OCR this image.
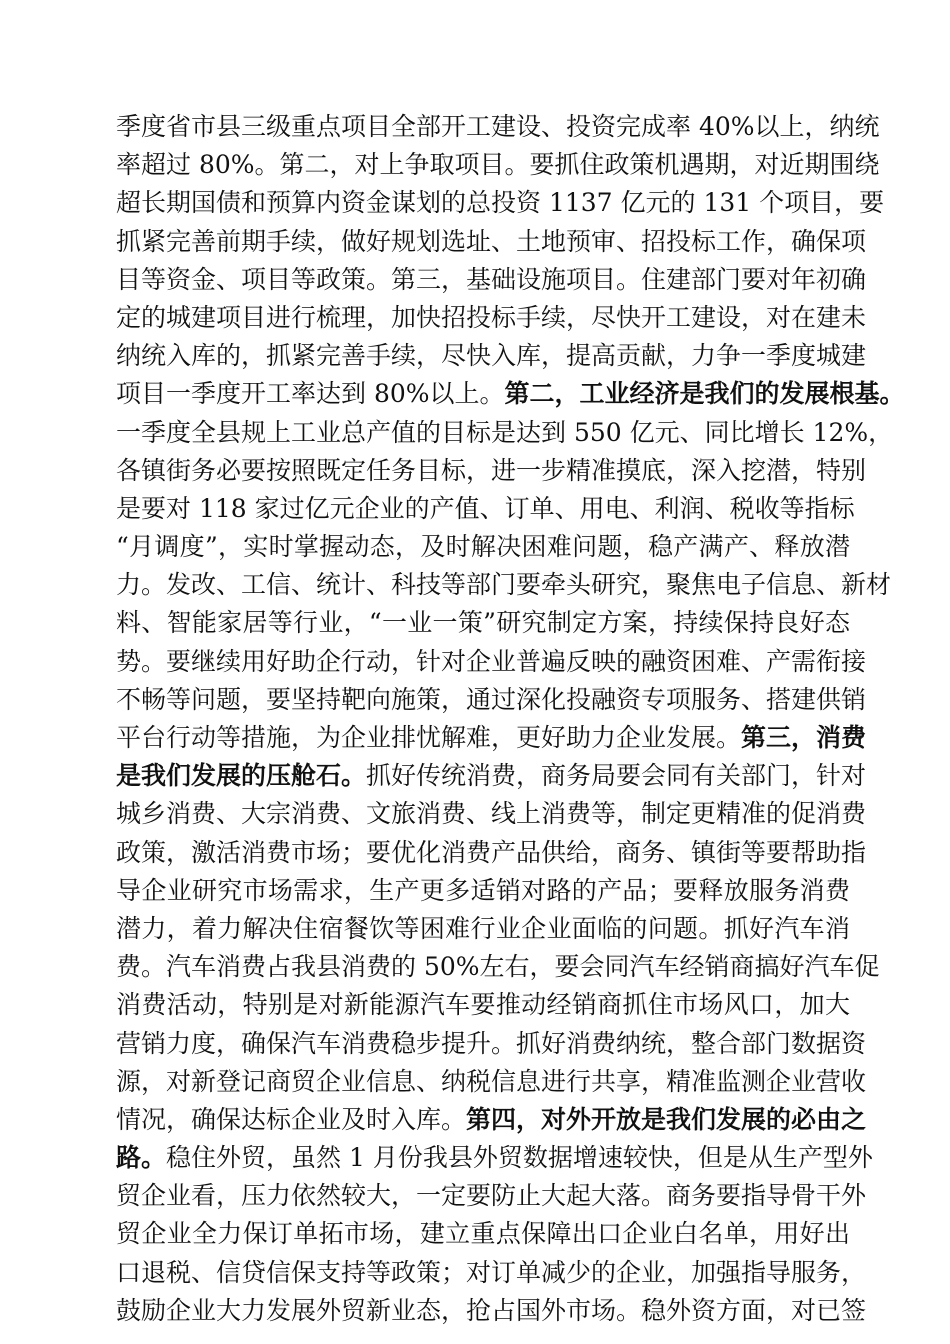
季度省市县三级重点项目全部开工建设、投资完成率 40%以上，纳统
率超过 80%。第二，对上争取项目。要抓住政策机遇期，对近期围绕
超长期国债和预算内资金谋划的总投资 1137 亿元的 131 个项目，要
抓紧完善前期手续，做好规划选址、土地预审、招投标工作，确保项
目等资金、项目等政策。第三，基础设施项目。住建部门要对年初确
定的城建项目进行梳理，加快招投标手续，尽快开工建设，对在建未
纳统入库的，抓紧完善手续，尽快入库，提高贡献，力争一季度城建
项目一季度开工率达到 80%以上。第二，工业经济是我们的发展根基。
一季度全县规上工业总产值的目标是达到 550 亿元、同比增长 12%，
各镇街务必要按照既定任务目标，进一步精准摸底，深入挖潜，特别
是要对 118 家过亿元企业的产值、订单、用电、利润、税收等指标
“月调度”，实时掌握动态，及时解决困难问题，稳产满产、释放潜
力。发改、工信、统计、科技等部门要牵头研究，聚焦电子信息、新材
料、智能家居等行业，“一业一策”研究制定方案，持续保持良好态
势。要继续用好助企行动，针对企业普遍反映的融资困难、产需衔接
不畅等问题，要坚持靶向施策，通过深化投融资专项服务、搭建供销
平台行动等措施，为企业排忧解难，更好助力企业发展。第三，消费
是我们发展的压舱石。抓好传统消费，商务局要会同有关部门，针对
城乡消费、大宗消费、文旅消费、线上消费等，制定更精准的促消费
政策，激活消费市场；要优化消费产品供给，商务、镇街等要帮助指
导企业研究市场需求，生产更多适销对路的产品；要释放服务消费
潜力，着力解决住宿餐饮等困难行业企业面临的问题。抓好汽车消
费。汽车消费占我县消费的 50%左右，要会同汽车经销商搞好汽车促
消费活动，特别是对新能源汽车要推动经销商抓住市场风口，加大
营销力度，确保汽车消费稳步提升。抓好消费纳统，整合部门数据资
源，对新登记商贸企业信息、纳税信息进行共享，精准监测企业营收
情况，确保达标企业及时入库。第四，对外开放是我们发展的必由之
路。稳住外贸，虽然 1 月份我县外贸数据增速较快，但是从生产型外
贸企业看，压力依然较大，一定要防止大起大落。商务要指导骨干外
贸企业全力保订单拓市场，建立重点保障出口企业白名单，用好出
口退税、信贷信保支持等政策；对订单减少的企业，加强指导服务，
鼓励企业大力发展外贸新业态，抢占国外市场。稳外资方面，对已签
